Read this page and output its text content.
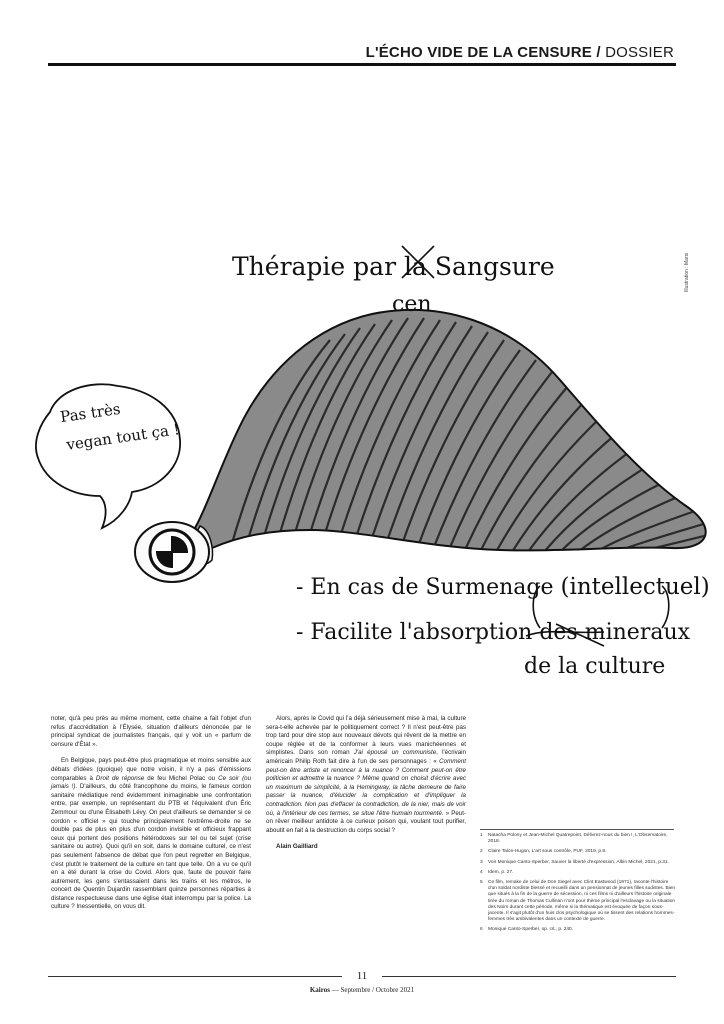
L'ÉCHO VIDE DE LA CENSURE / DOSSIER
Illustration : Marsi
Thérapie par la Sangsure
cen
Pas très
vegan tout ça !
- En cas de Surmenage (intellectuel)
- Facilite l'absorption des mineraux
de la culture

noter, qu'à peu près au même moment, cette chaîne a fait l'objet d'un refus d'accréditation à l'Élysée, situation d'ailleurs dénoncée par le principal syndicat de journalistes français, qui y voit un « parfum de censure d'État ».

En Belgique, pays peut-être plus pragmatique et moins sensible aux débats d'idées (quoique) que notre voisin, il n'y a pas d'émissions comparables à Droit de réponse de feu Michel Polac ou Ce soir (ou jamais !). D'ailleurs, du côté francophone du moins, le fameux cordon sanitaire médiatique rend évidemment inimaginable une confrontation entre, par exemple, un représentant du PTB et l'équivalent d'un Éric Zemmour ou d'une Élisabeth Lévy. On peut d'ailleurs se demander si ce cordon « officiel » qui touche principalement l'extrême-droite ne se double pas de plus en plus d'un cordon invisible et officieux frappant ceux qui portent des positions hétérodoxes sur tel ou tel sujet (crise sanitaire ou autre). Quoi qu'il en soit, dans le domaine culturel, ce n'est pas seulement l'absence de débat que l'on peut regretter en Belgique, c'est plutôt le traitement de la culture en tant que telle. On a vu ce qu'il en a été durant la crise du Covid. Alors que, faute de pouvoir faire autrement, les gens s'entassaient dans les trains et les métros, le concert de Quentin Dujardin rassemblant quinze personnes réparties à distance respectueuse dans une église était interrompu par la police. La culture ? Inessentielle, on vous dit.

Alors, après le Covid qui l'a déjà sérieusement mise à mal, la culture sera-t-elle achevée par le politiquement correct ? Il n'est peut-être pas trop tard pour dire stop aux nouveaux dévots qui rêvent de la mettre en coupe réglée et de la conformer à leurs vues manichéennes et simplistes. Dans son roman J'ai épousé un communiste, l'écrivain américain Philip Roth fait dire à l'un de ses personnages : « Comment peut-on être artiste et renoncer à la nuance ? Comment peut-on être politicien et admettre la nuance ? Même quand on choisit d'écrire avec un maximum de simplicité, à la Hemingway, la tâche demeure de faire passer la nuance, d'élucider la complication et d'impliquer la contradiction. Non pas d'effacer la contradiction, de la nier, mais de voir où, à l'intérieur de ces termes, se situe l'être humain tourmenté. » Peut-on rêver meilleur antidote à ce curieux poison qui, voulant tout purifier, aboutit en fait à la destruction du corps social ?

Alain Gailliard
1	Natacha Polony et Jean-Michel Quatrepoint, Délivrez-nous du bien !, L'Observatoire, 2018.
2	Claire Talon-Hugon, L'art sous contrôle, PUF, 2019, p.8.
3	Voir Monique Canto-Sperber, Sauver la liberté d'expression, Albin Michel, 2021, p.31.
4	Idem, p. 27.
5	Ce film, remake de celui de Don Siegel avec Clint Eastwood (1971), raconte l'histoire d'un soldat nordiste blessé et recueilli dans un pensionnat de jeunes filles sudistes. Bien que situés à la fin de la guerre de sécession, ni ces films ni d'ailleurs l'histoire originale tirée du roman de Thomas Cullinan n'ont pour thème principal l'esclavage ou la situation des Noirs durant cette période, même si la thématique est évoquée de façon sous-jacente. Il s'agit plutôt d'un huis clos psychologique où se tissent des relations hommes-femmes très ambivalentes dans un contexte de guerre.
6	Monique Canto-Sperber, op. cit., p. 240.
11
Kairos — Septembre / Octobre 2021
